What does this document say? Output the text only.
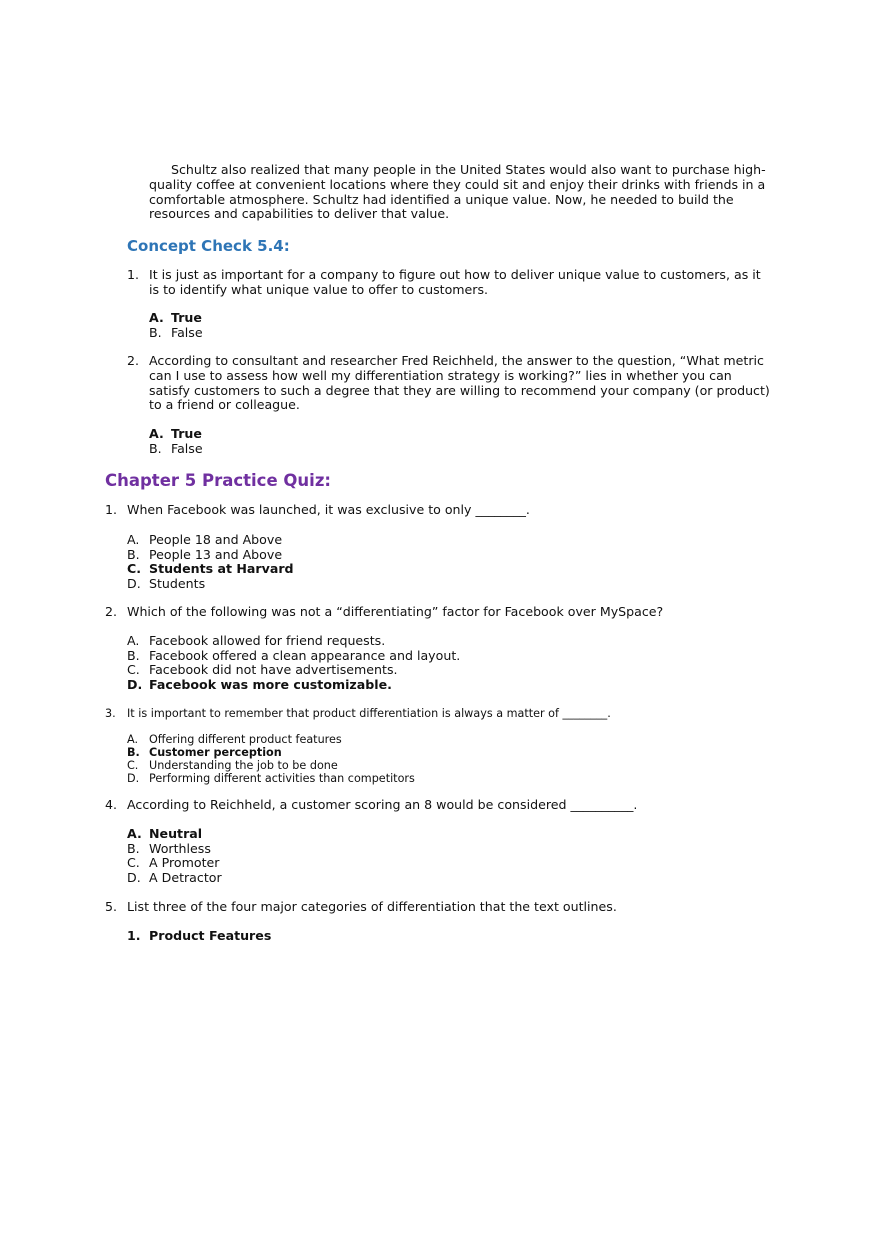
Schultz also realized that many people in the United States would also want to purchase high-quality coffee at convenient locations where they could sit and enjoy their drinks with friends in a comfortable atmosphere. Schultz had identified a unique value. Now, he needed to build the resources and capabilities to deliver that value.

Concept Check 5.4:
1. It is just as important for a company to figure out how to deliver unique value to customers, as it is to identify what unique value to offer to customers.
A. True
B. False
2. According to consultant and researcher Fred Reichheld, the answer to the question, “What metric can I use to assess how well my differentiation strategy is working?” lies in whether you can satisfy customers to such a degree that they are willing to recommend your company (or product) to a friend or colleague.
A. True
B. False
Chapter 5 Practice Quiz:
1. When Facebook was launched, it was exclusive to only ________.
A. People 18 and Above
B. People 13 and Above
C. Students at Harvard
D. Students
2. Which of the following was not a “differentiating” factor for Facebook over MySpace?
A. Facebook allowed for friend requests.
B. Facebook offered a clean appearance and layout.
C. Facebook did not have advertisements.
D. Facebook was more customizable.
3.	It is important to remember that product differentiation is always a matter of ________.
A. Offering different product features
B. Customer perception
C. Understanding the job to be done
D. Performing different activities than competitors
4. According to Reichheld, a customer scoring an 8 would be considered __________.
A. Neutral
B. Worthless
C. A Promoter
D. A Detractor
5. List three of the four major categories of differentiation that the text outlines.
1. Product Features
